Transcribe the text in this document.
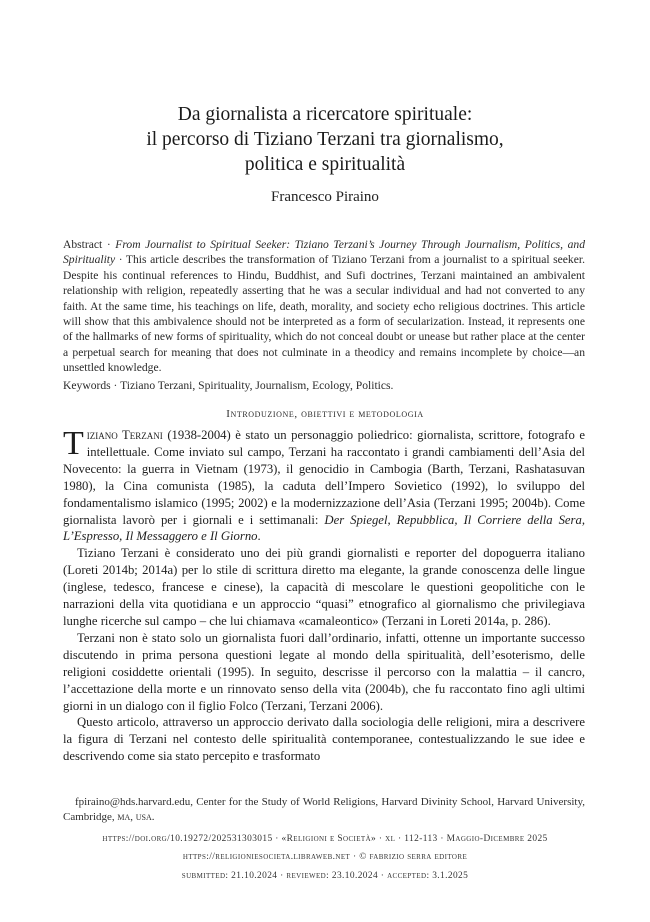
Da giornalista a ricercatore spirituale:
il percorso di Tiziano Terzani tra giornalismo,
politica e spiritualità
Francesco Piraino
Abstract · From Journalist to Spiritual Seeker: Tiziano Terzani’s Journey Through Journalism, Politics, and Spirituality · This article describes the transformation of Tiziano Terzani from a journalist to a spiritual seeker. Despite his continual references to Hindu, Buddhist, and Sufi doctrines, Terzani maintained an ambivalent relationship with religion, repeatedly asserting that he was a secular individual and had not converted to any faith. At the same time, his teachings on life, death, morality, and society echo religious doctrines. This article will show that this ambivalence should not be interpreted as a form of secularization. Instead, it represents one of the hallmarks of new forms of spirituality, which do not conceal doubt or unease but rather place at the center a perpetual search for meaning that does not culminate in a theodicy and remains incomplete by choice—an unsettled knowledge.
Keywords · Tiziano Terzani, Spirituality, Journalism, Ecology, Politics.
Introduzione, obiettivi e metodologia

Tiziano Terzani (1938-2004) è stato un personaggio poliedrico: giornalista, scrittore, fotografo e intellettuale. Come inviato sul campo, Terzani ha raccontato i grandi cambiamenti dell’Asia del Novecento: la guerra in Vietnam (1973), il genocidio in Cambogia (Barth, Terzani, Rashatasuvan 1980), la Cina comunista (1985), la caduta dell’Impero Sovietico (1992), lo sviluppo del fondamentalismo islamico (1995; 2002) e la modernizzazione dell’Asia (Terzani 1995; 2004b). Come giornalista lavorò per i giornali e i settimanali: Der Spiegel, Repubblica, Il Corriere della Sera, L’Espresso, Il Messaggero e Il Giorno.

Tiziano Terzani è considerato uno dei più grandi giornalisti e reporter del dopoguerra italiano (Loreti 2014b; 2014a) per lo stile di scrittura diretto ma elegante, la grande conoscenza delle lingue (inglese, tedesco, francese e cinese), la capacità di mescolare le questioni geopolitiche con le narrazioni della vita quotidiana e un approccio “quasi” etnografico al giornalismo che privilegiava lunghe ricerche sul campo – che lui chiamava «camaleontico» (Terzani in Loreti 2014a, p. 286).

Terzani non è stato solo un giornalista fuori dall’ordinario, infatti, ottenne un importante successo discutendo in prima persona questioni legate al mondo della spiritualità, dell’esoterismo, delle religioni cosiddette orientali (1995). In seguito, descrisse il percorso con la malattia – il cancro, l’accettazione della morte e un rinnovato senso della vita (2004b), che fu raccontato fino agli ultimi giorni in un dialogo con il figlio Folco (Terzani, Terzani 2006).

Questo articolo, attraverso un approccio derivato dalla sociologia delle religioni, mira a descrivere la figura di Terzani nel contesto delle spiritualità contemporanee, contestualizzando le sue idee e descrivendo come sia stato percepito e trasformato

fpiraino@hds.harvard.edu, Center for the Study of World Religions, Harvard Divinity School, Harvard University, Cambridge, ma, usa.
https://doi.org/10.19272/202531303015 · «Religioni e Società» · xl · 112-113 · Maggio-Dicembre 2025
https://religioniesocieta.libraweb.net · © fabrizio serra editore
submitted: 21.10.2024 · reviewed: 23.10.2024 · accepted: 3.1.2025
